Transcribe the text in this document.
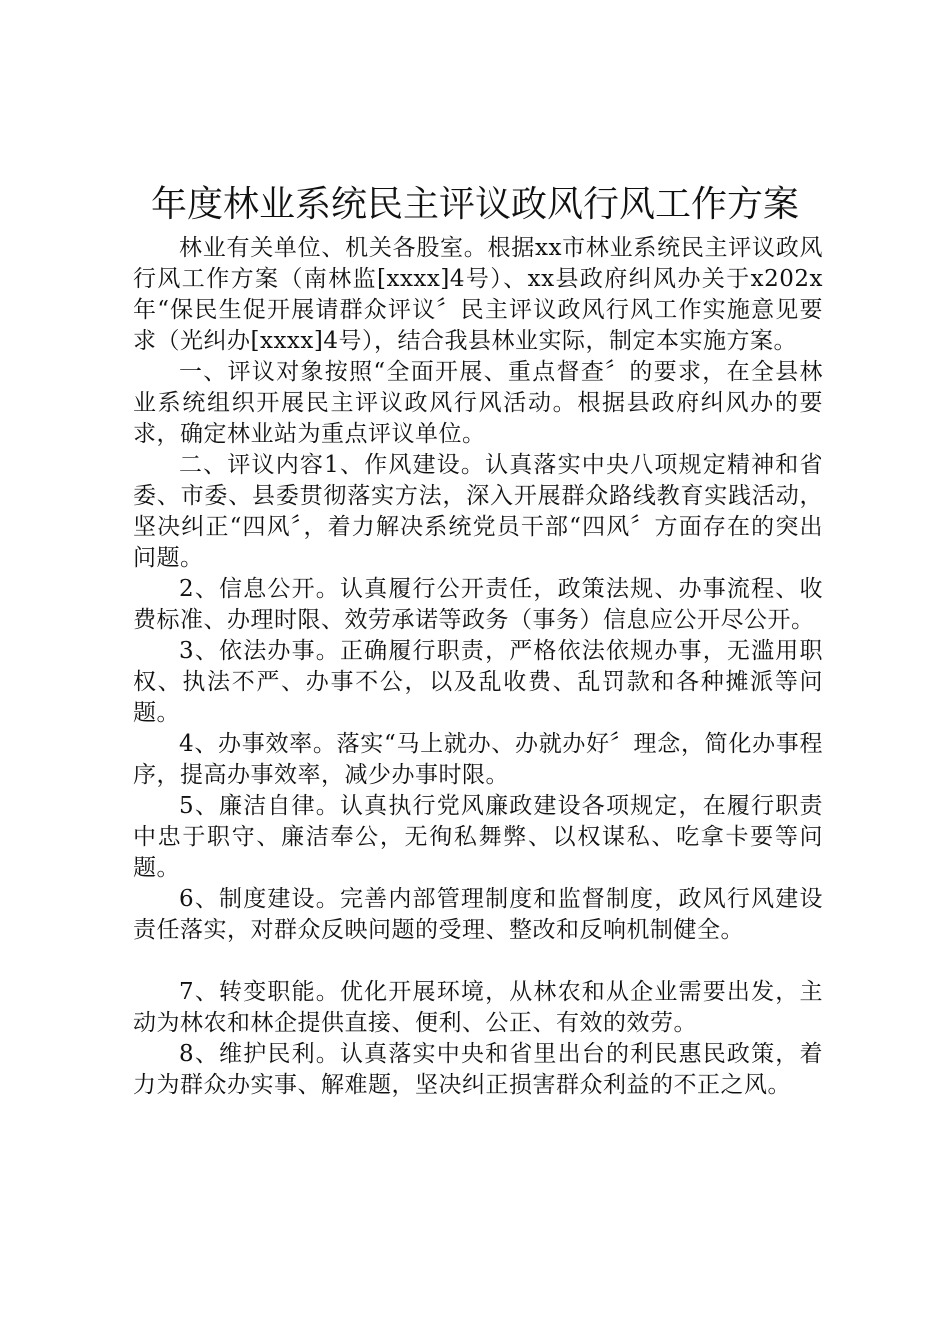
年度林业系统民主评议政风行风工作方案

林业有关单位、机关各股室。根据xx市林业系统民主评议政风行风工作方案（南林监[xxxx]4号）、xx县政府纠风办关于x202x年“保民生促开展请群众评议〞民主评议政风行风工作实施意见要求（光纠办[xxxx]4号），结合我县林业实际，制定本实施方案。

一、评议对象按照“全面开展、重点督查〞的要求，在全县林业系统组织开展民主评议政风行风活动。根据县政府纠风办的要求，确定林业站为重点评议单位。

二、评议内容1、作风建设。认真落实中央八项规定精神和省委、市委、县委贯彻落实方法，深入开展群众路线教育实践活动，坚决纠正“四风〞，着力解决系统党员干部“四风〞方面存在的突出问题。

2、信息公开。认真履行公开责任，政策法规、办事流程、收费标准、办理时限、效劳承诺等政务（事务）信息应公开尽公开。

3、依法办事。正确履行职责，严格依法依规办事，无滥用职权、执法不严、办事不公，以及乱收费、乱罚款和各种摊派等问题。

4、办事效率。落实“马上就办、办就办好〞理念，简化办事程序，提高办事效率，减少办事时限。

5、廉洁自律。认真执行党风廉政建设各项规定，在履行职责中忠于职守、廉洁奉公，无徇私舞弊、以权谋私、吃拿卡要等问题。

6、制度建设。完善内部管理制度和监督制度，政风行风建设责任落实，对群众反映问题的受理、整改和反响机制健全。

7、转变职能。优化开展环境，从林农和从企业需要出发，主动为林农和林企提供直接、便利、公正、有效的效劳。

8、维护民利。认真落实中央和省里出台的利民惠民政策，着力为群众办实事、解难题，坚决纠正损害群众利益的不正之风。
